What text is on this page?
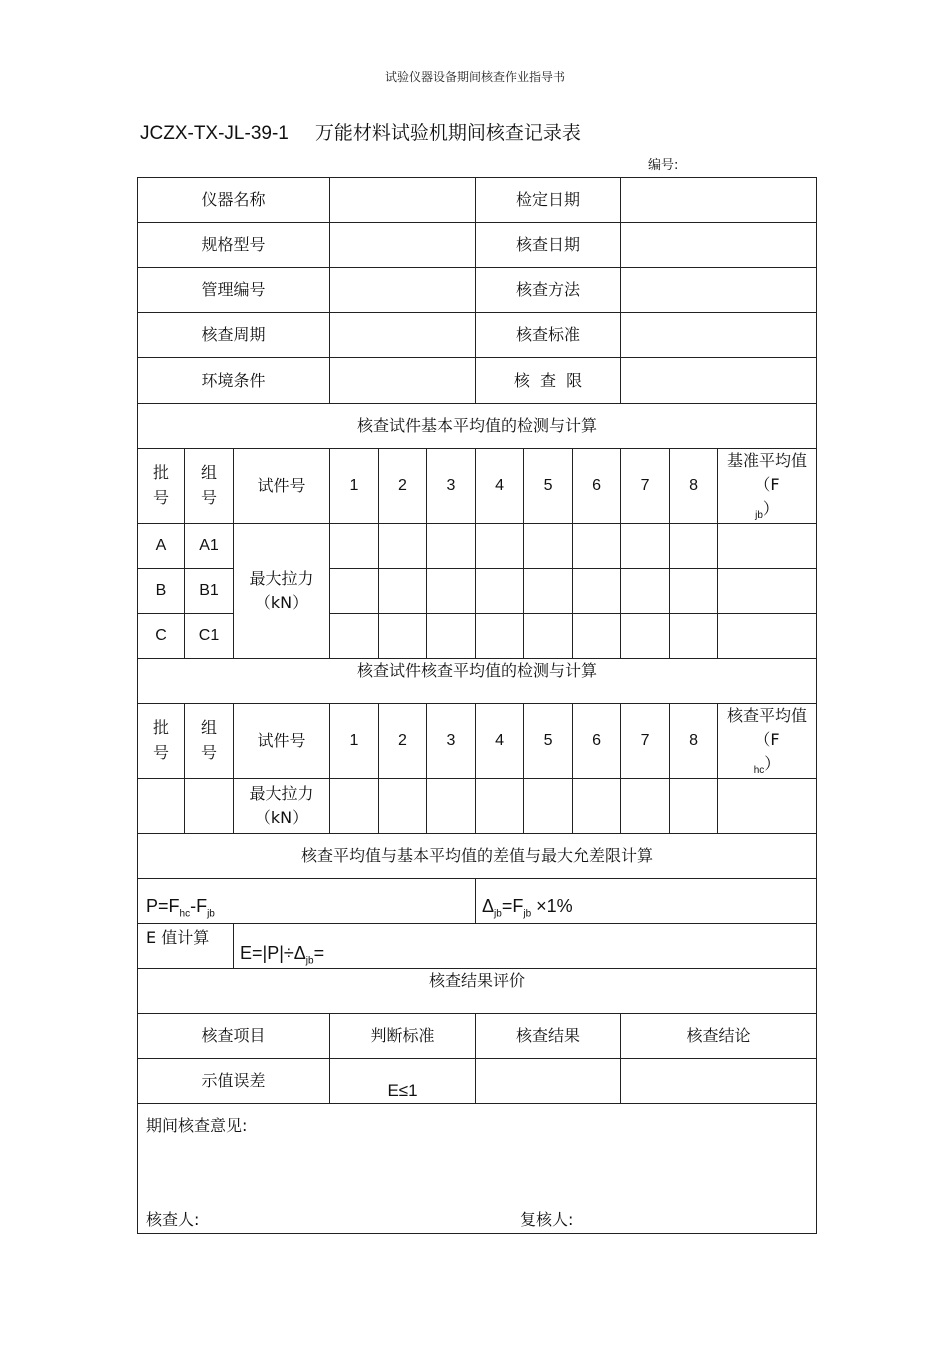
试验仪器设备期间核查作业指导书
JCZX-TX-JL-39-1 万能材料试验机期间核查记录表
编号:
仪器名称						检定日期					
规格型号						核查日期					
管理编号						核查方法					
核查周期						核查标准					
环境条件						核  查  限					
核查试件基本平均值的检测与计算											
批号	组号	试件号	1	2	3	4	5	6	7	8	基准平均值$(F_{jb})$
A	A1	最大拉力（kN）									
B	B1										
C	C1										
核查试件核查平均值的检测与计算											
批号	组号	试件号	1	2	3	4	5	6	7	8	核查平均值$(F_{hc})$
		最大拉力（kN）									
核查平均值与基本平均值的差值与最大允差限计算											
$P=F_{hc}-F_{jb}$						$\Delta_{jb}=F_{jb} \times 1\%$					

E 值计算		$E=|P|\div\Delta_{jb}=$									

核查结果评价											
核查项目			判断标准			核查结果			核查结论		
示值误差			E≤1								

期间核查意见:
核查人: 复核人:											
